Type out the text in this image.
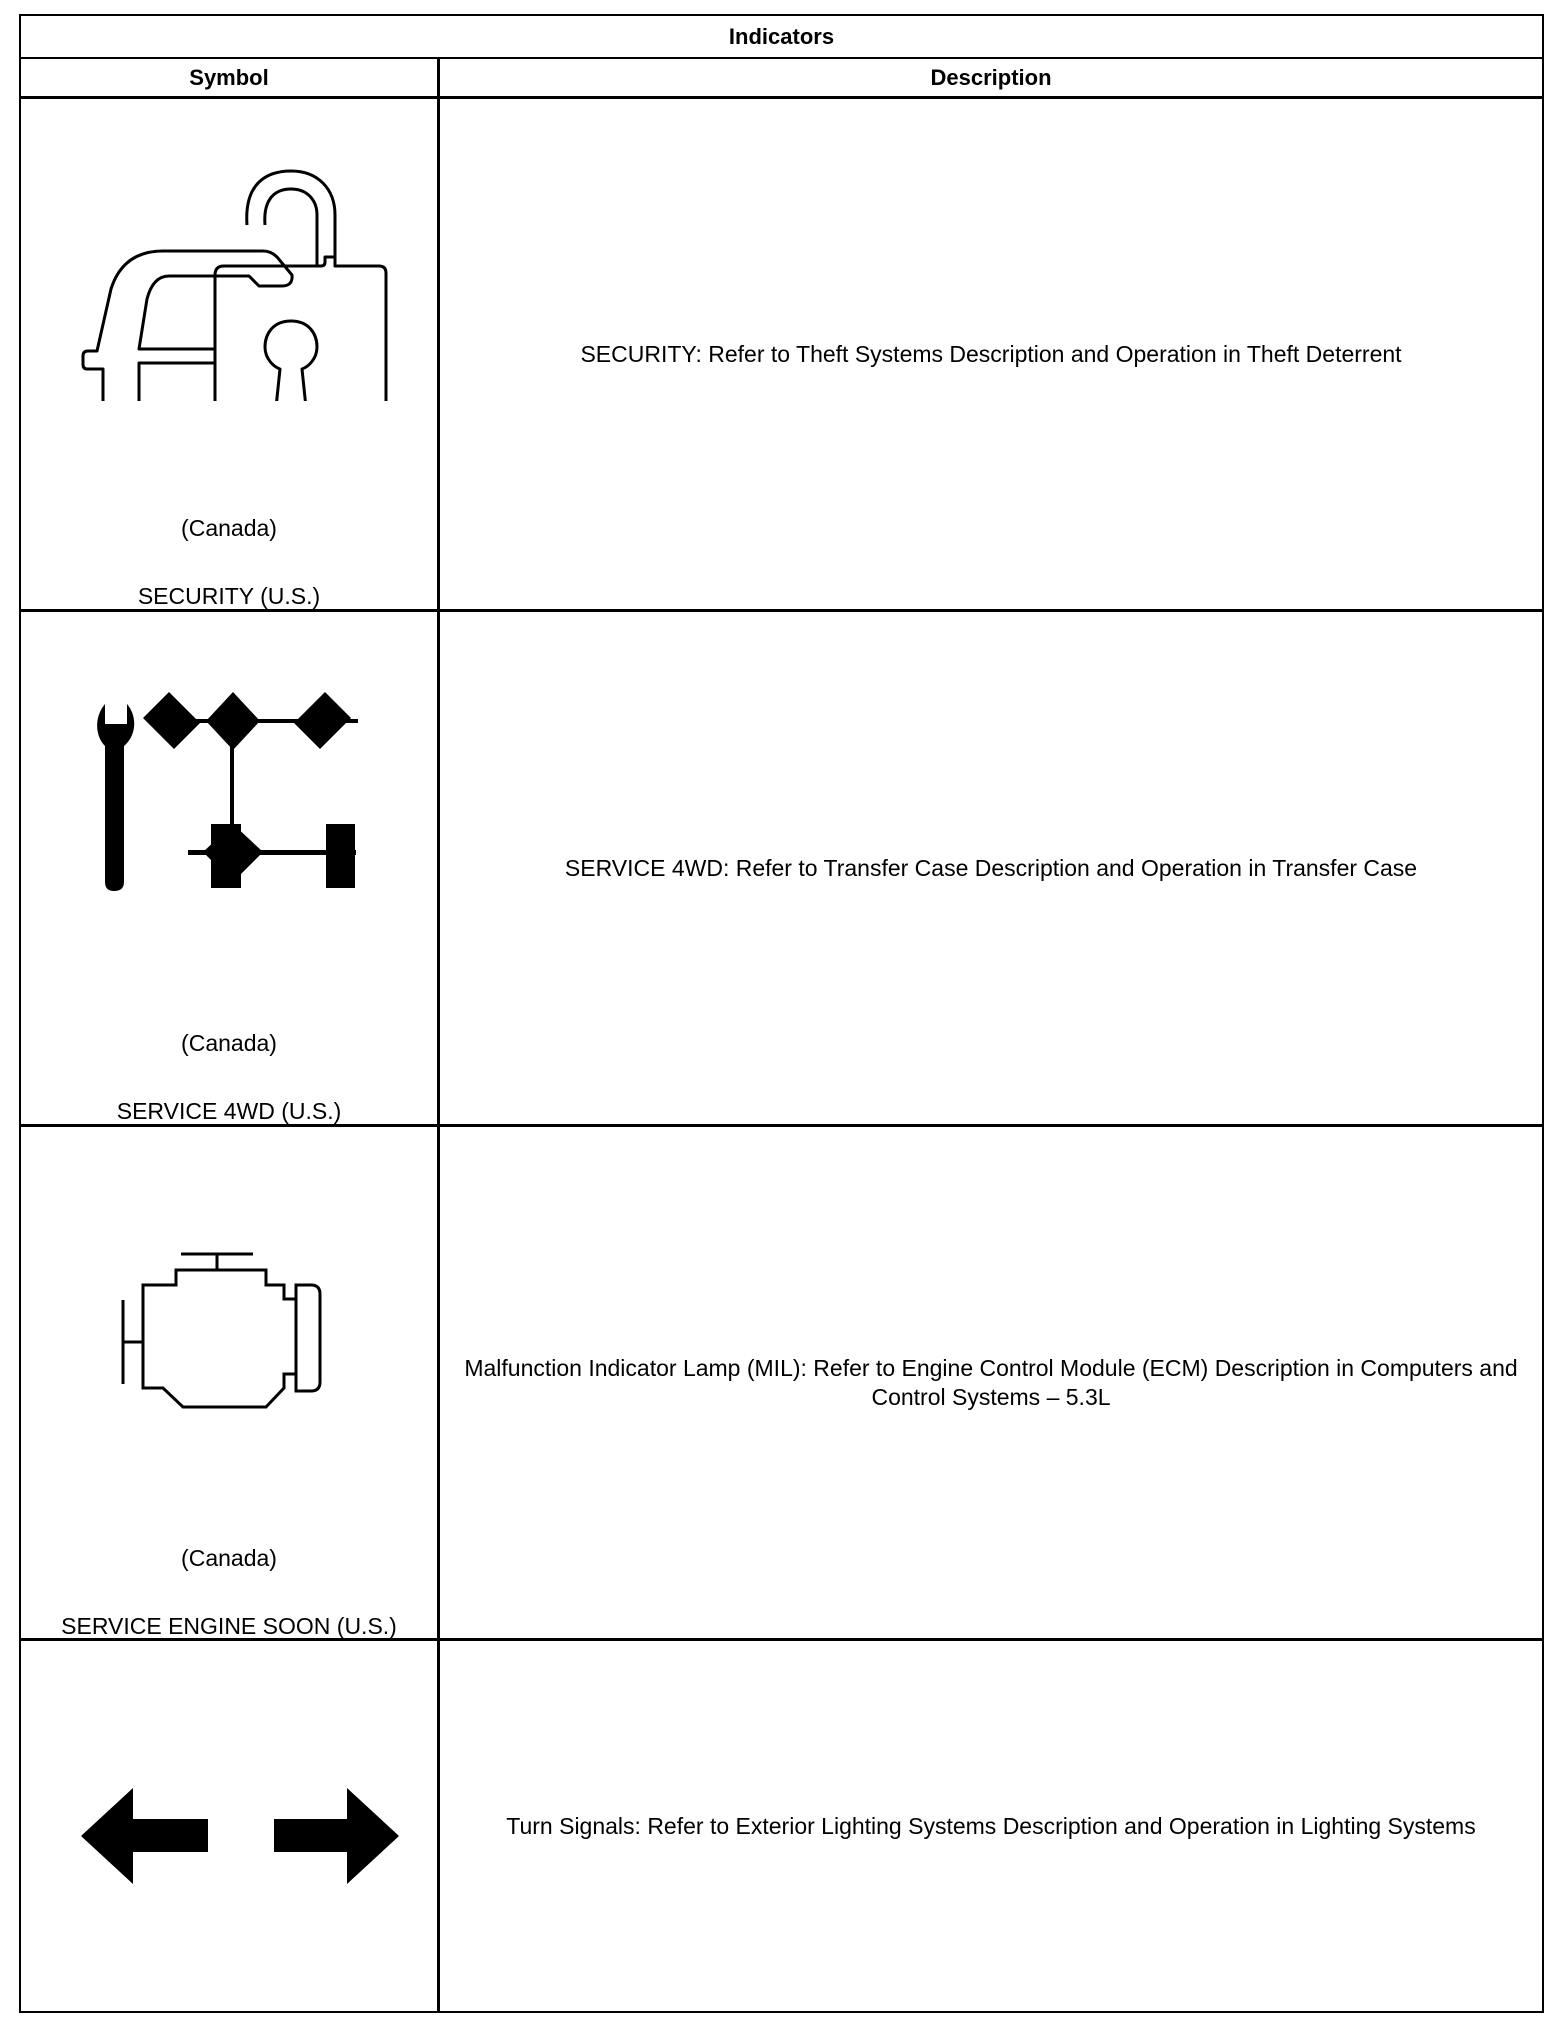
Indicators
Symbol	Description
(Canada)
SECURITY (U.S.)
SECURITY: Refer to Theft Systems Description and Operation in Theft Deterrent
(Canada)
SERVICE 4WD (U.S.)
SERVICE 4WD: Refer to Transfer Case Description and Operation in Transfer Case
(Canada)
SERVICE ENGINE SOON (U.S.)
Malfunction Indicator Lamp (MIL): Refer to Engine Control Module (ECM) Description in Computers and Control Systems – 5.3L
Turn Signals: Refer to Exterior Lighting Systems Description and Operation in Lighting Systems
